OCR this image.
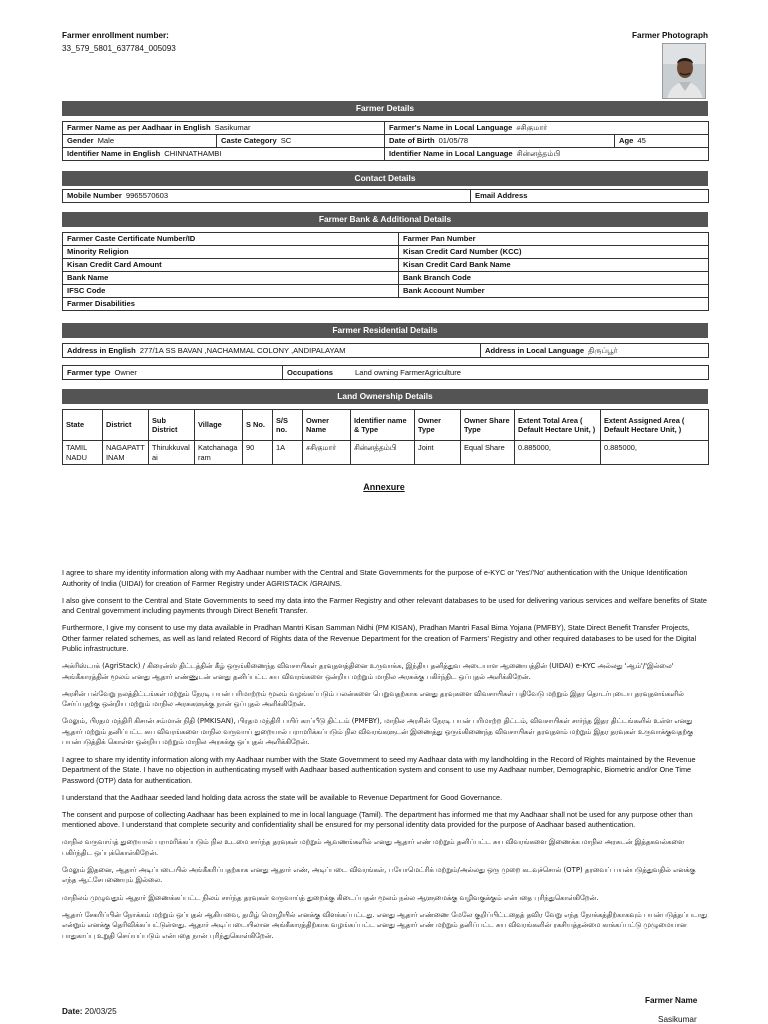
Farmer enrollment number:
33_579_5801_637784_005093
Farmer Photograph
Farmer Details
Farmer Name as per Aadhaar in English Sasikumar		Farmer's Name in Local Language சசிகுமார்	
Gender Male	Caste Category SC	Date of Birth 01/05/78	Age 45
Identifier Name in English CHINNATHAMBI		Identifier Name in Local Language சின்னத்தம்பி	
Contact Details
Mobile Number 9965570603	Email Address
Farmer Bank & Additional Details
Farmer Caste Certificate Number/ID	Farmer Pan Number
Minority Religion	Kisan Credit Card Number (KCC)
Kisan Credit Card Amount	Kisan Credit Card Bank Name
Bank Name	Bank Branch Code
IFSC Code	Bank Account Number
Farmer Disabilities	
Farmer Residential Details
Address in English 277/1A SS BAVAN ,NACHAMMAL COLONY ,ANDIPALAYAM	Address in Local Language திருப்பூர்
Farmer type Owner	Occupations	Land owning FarmerAgriculture
Land Ownership Details
State	District	Sub District	Village	S No.	S/S no.	Owner Name	Identifier name & Type	Owner Type	Owner Share Type	Extent Total Area ( Default Hectare Unit, )	Extent Assigned Area ( Default Hectare Unit, )
TAMIL NADU	NAGAPATTINAM	Thirukkuvalai	Katchanagaram	90	1A	சசிகுமார்	சின்னத்தம்பி	Joint	Equal Share	0.885000,	0.885000,
Annexure

I agree to share my identity information along with my Aadhaar number with the Central and State Governments for the purpose of e-KYC or 'Yes'/'No' authentication with the Unique Identification Authority of India (UIDAI) for creation of Farmer Registry under AGRISTACK /GRAINS.

I also give consent to the Central and State Governments to seed my data into the Farmer Registry and other relevant databases to be used for delivering various services and welfare benefits of State and Central government including payments through Direct Benefit Transfer.

Furthermore, I give my consent to use my data available in Pradhan Mantri Kisan Samman Nidhi (PM KISAN), Pradhan Mantri Fasal Bima Yojana (PMFBY), State Direct Benefit Transfer Projects, Other farmer related schemes, as well as land related Record of Rights data of the Revenue Department for the creation of Farmers' Registry and other required databases to be used for the Digital Public infrastructure.

அக்ரிஸ்டாக் (AgriStack) / கிரைன்ஸ் திட்டத்தின் கீழ் ஒருங்கிணைந்த விவசாயிகள் தரவுதளத்தினை உருவாக்க, இந்திய தனித்துவ அடையாள ஆணையத்தின் (UIDAI) e-KYC அல்லது 'ஆம்'/'இல்லை' அங்கீகாரத்தின் மூலம் எனது ஆதார் எண்ணுடன் எனது தனிப்பட்ட சுய விவரங்களை ஒன்றிய மற்றும் மாநில அரசுக்கு பகிர்ந்திட ஒப்புதல் அளிக்கிறேன்.

அரசின் பல்வேறு நலத்திட்டங்கள் மற்றும் நேரடி பயன் பரிமாற்றம் மூலம் வழங்கப்படும் பலன்களை பெறுவதற்காக எனது தரவுகளை விவசாயிகள் பதிவேடு மற்றும் இதர தொடர்புடைய தரவுதளங்களில் சேர்ப்பதற்கு ஒன்றிய மற்றும் மாநில அரசுகளுக்கு நான் ஒப்புதல் அளிக்கிறேன்.

மேலும், பிரதம மந்திரி கிசான் சம்மான் நிதி (PMKISAN), பிரதம மந்திரி பயிர் காப்பீடு திட்டம் (PMFBY), மாநில அரசின் நேரடி பயன் பரிமாற்ற திட்டம், விவசாயிகள் சார்ந்த இதர திட்டங்களில் உள்ள எனது ஆதார் மற்றும் தனிப்பட்ட சுய விவரங்களை மாநில வருவாய் துறையால் பராமரிக்கப்படும் நில விவரங்களுடன் இணைத்து ஒருங்கிணைந்த விவசாயிகள் தரவுதளம் மற்றும் இதர தரவுகள் உருவாக்குவதற்கு பயன்படுத்திக் கொள்ள ஒன்றிய மற்றும் மாநில அரசுக்கு ஒப்புதல் அளிக்கிறேன்.

I agree to share my identity information along with my Aadhaar number with the State Government to seed my Aadhaar data with my landholding in the Record of Rights maintained by the Revenue Department of the State. I have no objection in authenticating myself with Aadhaar based authentication system and consent to use my Aadhaar number, Demographic, Biometric and/or One Time Password (OTP) data for authentication.

I understand that the Aadhaar seeded land holding data across the state will be available to Revenue Department for Good Governance.

The consent and purpose of collecting Aadhaar has been explained to me in local language (Tamil). The department has informed me that my Aadhaar shall not be used for any purpose other than mentioned above. I understand that complete security and confidentiality shall be ensured for my personal identity data provided for the purpose of Aadhaar based authentication.

மாநில வருவாய்த் துறையால் பராமரிக்கப்படும் நில உடமை சார்ந்த தரவுகள் மற்றும் ஆவணங்களில் எனது ஆதார் எண் மற்றும் தனிப்பட்ட சுய விவரங்களை இணைக்க மாநில அரசுடன் இத்தகவல்களை பகிர்ந்திட ஒப்புக்கொள்கிறேன்.

மேலும் இதனை, ஆதார் அடிப்படையில் அங்கீகரிப்பதற்காக எனது ஆதார் எண், அடிப்படை விவரங்கள், பயோமெட்ரிக் மற்றும்/அல்லது ஒரு முறை கடவுச்சொல் (OTP) தரவைப் பயன்படுத்துவதில் எனக்கு எந்த ஆட்சேபணையும் இல்லை.

மாநிலம் முழுவதும் ஆதார் இணைக்கப்பட்ட நிலம் சார்ந்த தரவுகள் வருவாய்த் துறைக்கு கிடைப்பதன் மூலம் நல்ல ஆளுமைக்கு வழிவகுக்கும் என்பதை புரிந்துகொள்கிறேன்.

ஆதார் சேகரிப்பின் நோக்கம் மற்றும் ஒப்புதல் ஆகியவை, தமிழ் மொழியில் எனக்கு விளக்கப்பட்டது. எனது ஆதார் எண்ணை மேலே குறிப்பிட்டதைத் தவிர வேறு எந்த நோக்கத்திற்காகவும் பயன்படுத்தப்படாது என்றும் எனக்கு தெரிவிக்கப்பட்டுள்ளது. ஆதார் அடிப்படையிலான அங்கீகாரத்திற்காக வழங்கப்பட்ட எனது ஆதார் எண் மற்றும் தனிப்பட்ட சுய விவரங்களின் ரகசியத்தன்மை காக்கப்பட்டு முழுமையான பாதுகாப்பு உறுதி செய்யப்படும் என்பதை நான் புரிந்துகொள்கிறேன்.

Date: 20/03/25
Farmer Name
Sasikumar
